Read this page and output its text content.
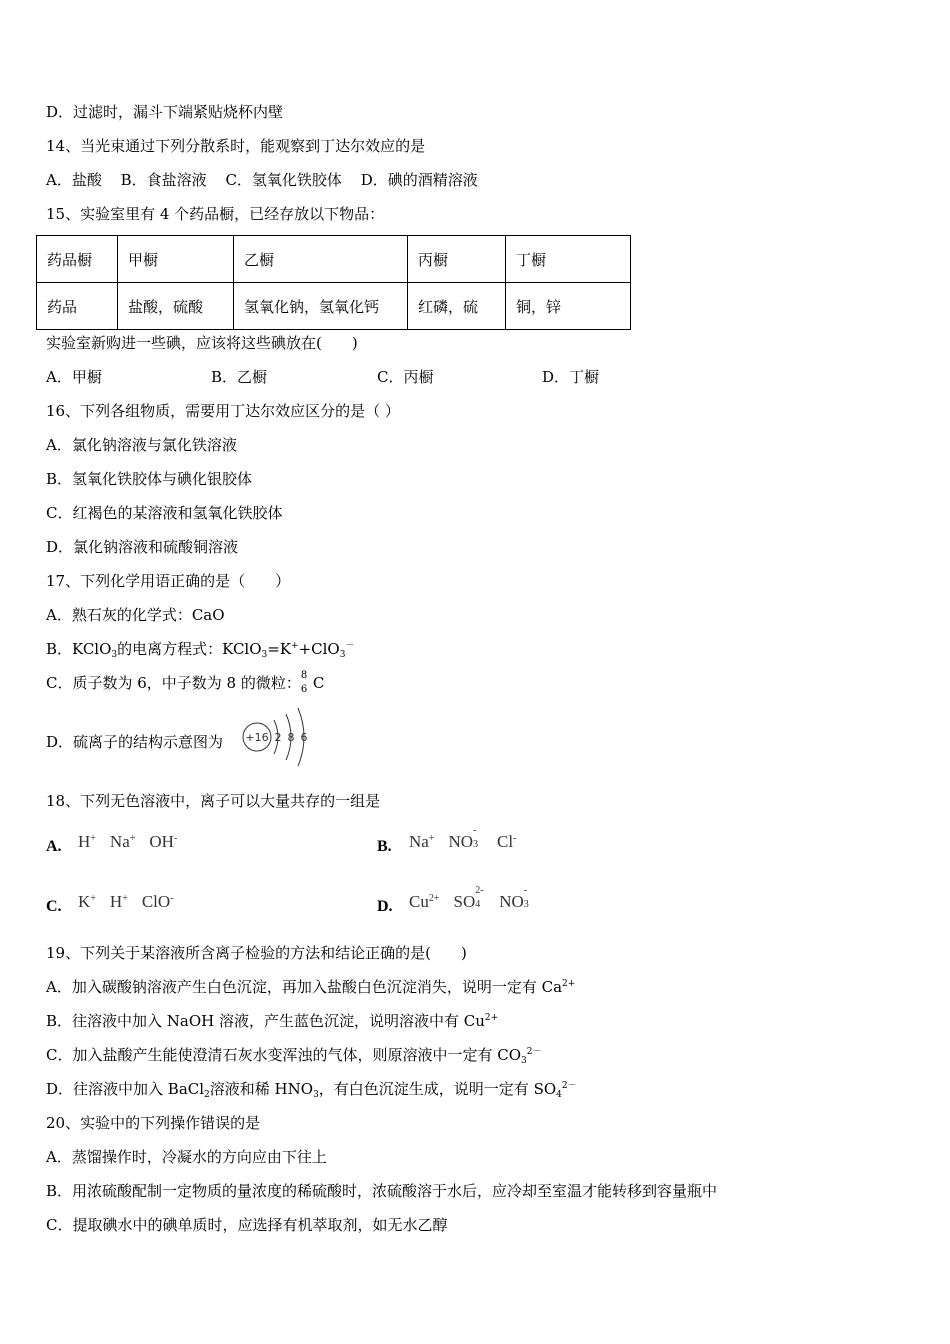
D．过滤时，漏斗下端紧贴烧杯内壁
14、当光束通过下列分散系时，能观察到丁达尔效应的是
A．盐酸 B．食盐溶液 C．氢氧化铁胶体 D．碘的酒精溶液
15、实验室里有 4 个药品橱，已经存放以下物品：
药品橱	甲橱	乙橱	丙橱	丁橱
药品	盐酸，硫酸	氢氧化钠，氢氧化钙	红磷，硫	铜，锌
实验室新购进一些碘，应该将这些碘放在(　　)
A．甲橱	B．乙橱	C．丙橱	D．丁橱
16、下列各组物质，需要用丁达尔效应区分的是（ ）
A．氯化钠溶液与氯化铁溶液
B．氢氧化铁胶体与碘化银胶体
C．红褐色的某溶液和氢氧化铁胶体
D．氯化钠溶液和硫酸铜溶液
17、下列化学用语正确的是（　　）
A．熟石灰的化学式：CaO
B．KClO$_3$的电离方程式：KClO$_3$=K++ClO$_3$－
C．质子数为 6，中子数为 8 的微粒： 8
6 C
D．硫离子的结构示意图为 +16 2 8 6
18、下列无色溶液中，离子可以大量共存的一组是
A. H+ Na+ OH-	B. Na+ NO
-
3 Cl-
C. K+ H+ ClO-	D. $Cu^{2+}$ SO
2-
4 NO
-
3

19、下列关于某溶液所含离子检验的方法和结论正确的是(　　)
A．加入碳酸钠溶液产生白色沉淀，再加入盐酸白色沉淀消失，说明一定有 $Ca^{2+}$
B．往溶液中加入 NaOH 溶液，产生蓝色沉淀，说明溶液中有 $Cu^{2+}$
C．加入盐酸产生能使澄清石灰水变浑浊的气体，则原溶液中一定有 $CO_3^{2-}$
D．往溶液中加入 BaCl$_2$溶液和稀 $HNO_3$，有白色沉淀生成，说明一定有 $SO_4^{2-}$
20、实验中的下列操作错误的是
A．蒸馏操作时，冷凝水的方向应由下往上
B．用浓硫酸配制一定物质的量浓度的稀硫酸时，浓硫酸溶于水后，应冷却至室温才能转移到容量瓶中
C．提取碘水中的碘单质时，应选择有机萃取剂，如无水乙醇
